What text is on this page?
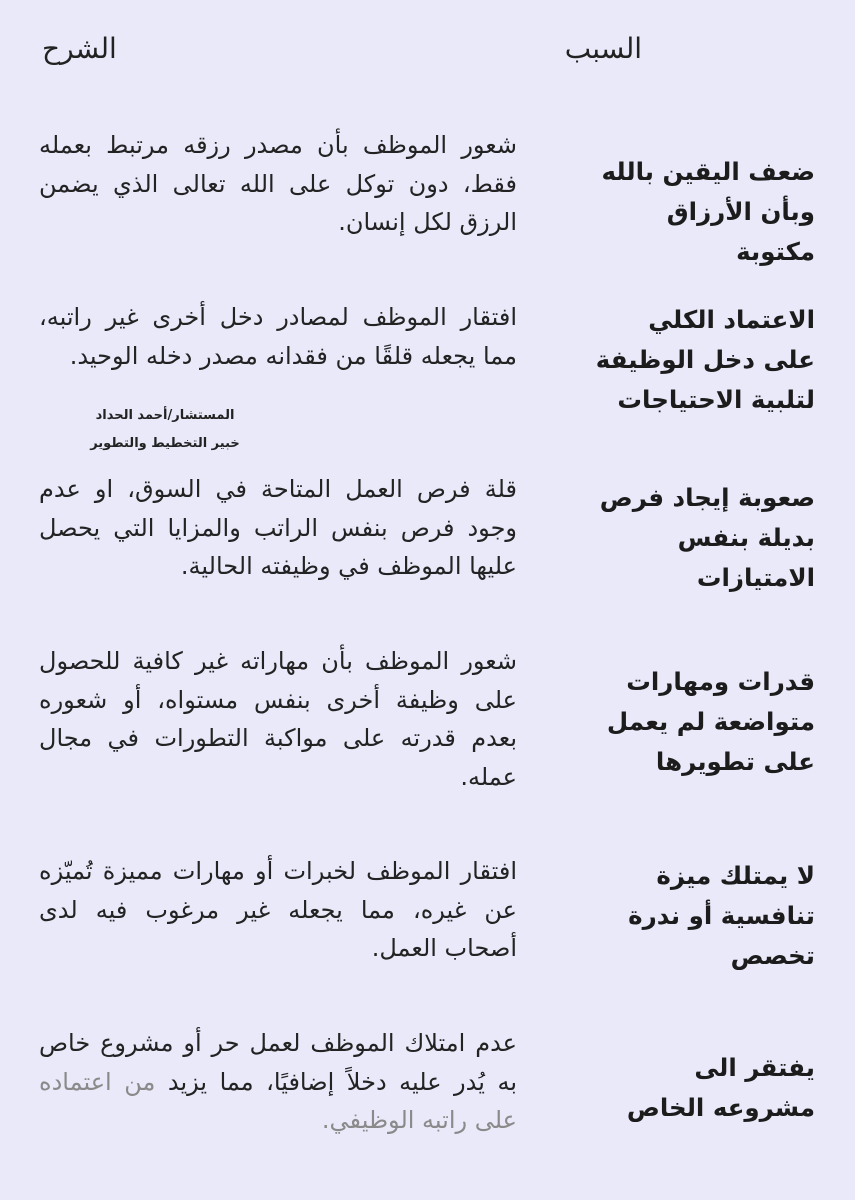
السبب
الشرح
ضعف اليقين بالله وبأن الأرزاق مكتوبة
شعور الموظف بأن مصدر رزقه مرتبط بعمله فقط، دون توكل على الله تعالى الذي يضمن الرزق لكل إنسان.
الاعتماد الكلي على دخل الوظيفة لتلبية الاحتياجات
افتقار الموظف لمصادر دخل أخرى غير راتبه، مما يجعله قلقًا من فقدانه مصدر دخله الوحيد.
المستشار/أحمد الحداد
خبير التخطيط والتطوير
صعوبة إيجاد فرص بديلة بنفس الامتيازات
قلة فرص العمل المتاحة في السوق، او عدم وجود فرص بنفس الراتب والمزايا التي يحصل عليها الموظف في وظيفته الحالية.
قدرات ومهارات متواضعة لم يعمل على تطويرها
شعور الموظف بأن مهاراته غير كافية للحصول على وظيفة أخرى بنفس مستواه، أو شعوره بعدم قدرته على مواكبة التطورات في مجال عمله.
لا يمتلك ميزة تنافسية أو ندرة تخصص
افتقار الموظف لخبرات أو مهارات مميزة تُميّزه عن غيره، مما يجعله غير مرغوب فيه لدى أصحاب العمل.
يفتقر الى مشروعه الخاص
عدم امتلاك الموظف لعمل حر أو مشروع خاص به يُدر عليه دخلاً إضافيًا، مما يزيد من اعتماده على راتبه الوظيفي.
